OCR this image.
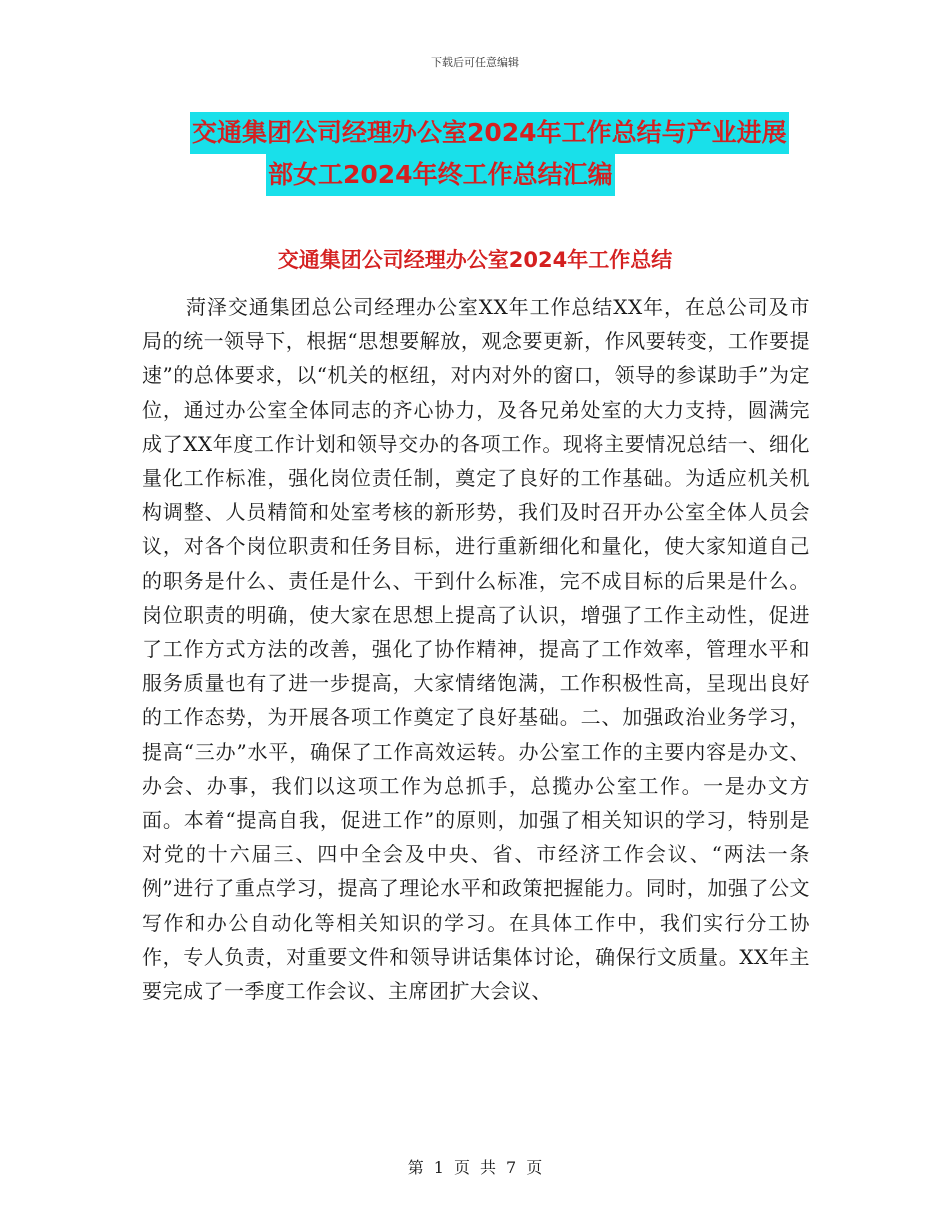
下载后可任意编辑
交通集团公司经理办公室2024年工作总结与产业进展
部女工2024年终工作总结汇编
交通集团公司经理办公室2024年工作总结

菏泽交通集团总公司经理办公室XX年工作总结XX年，在总公司及市局的统一领导下，根据“思想要解放，观念要更新，作风要转变，工作要提速”的总体要求，以“机关的枢纽，对内对外的窗口，领导的参谋助手”为定位，通过办公室全体同志的齐心协力，及各兄弟处室的大力支持，圆满完成了XX年度工作计划和领导交办的各项工作。现将主要情况总结一、细化量化工作标准，强化岗位责任制，奠定了良好的工作基础。为适应机关机构调整、人员精简和处室考核的新形势，我们及时召开办公室全体人员会议，对各个岗位职责和任务目标，进行重新细化和量化，使大家知道自己的职务是什么、责任是什么、干到什么标准，完不成目标的后果是什么。岗位职责的明确，使大家在思想上提高了认识，增强了工作主动性，促进了工作方式方法的改善，强化了协作精神，提高了工作效率，管理水平和服务质量也有了进一步提高，大家情绪饱满，工作积极性高，呈现出良好的工作态势，为开展各项工作奠定了良好基础。二、加强政治业务学习，提高“三办”水平，确保了工作高效运转。办公室工作的主要内容是办文、办会、办事，我们以这项工作为总抓手，总揽办公室工作。一是办文方面。本着“提高自我，促进工作”的原则，加强了相关知识的学习，特别是对党的十六届三、四中全会及中央、省、市经济工作会议、“两法一条例”进行了重点学习，提高了理论水平和政策把握能力。同时，加强了公文写作和办公自动化等相关知识的学习。在具体工作中，我们实行分工协作，专人负责，对重要文件和领导讲话集体讨论，确保行文质量。XX年主要完成了一季度工作会议、主席团扩大会议、

第 1 页 共 7 页
